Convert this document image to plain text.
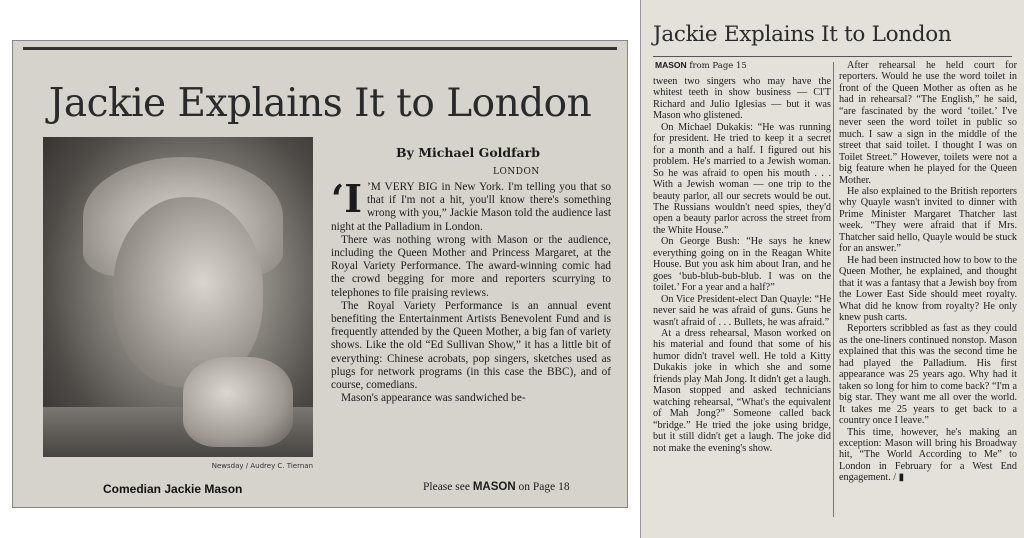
Jackie Explains It to London
Newsday / Audrey C. Tiernan
Comedian Jackie Mason
By Michael Goldfarb
LONDON

‘I ’M VERY BIG in New York. I'm telling you that so that if I'm not a hit, you'll know there's something wrong with you,” Jackie Mason told the audience last night at the Palladium in London.

There was nothing wrong with Mason or the audience, including the Queen Mother and Princess Margaret, at the Royal Variety Performance. The award-winning comic had the crowd begging for more and reporters scurrying to telephones to file praising reviews.

The Royal Variety Performance is an annual event benefiting the Entertainment Artists Benevolent Fund and is frequently attended by the Queen Mother, a big fan of variety shows. Like the old “Ed Sullivan Show,” it has a little bit of everything: Chinese acrobats, pop singers, sketches used as plugs for network programs (in this case the BBC), and of course, comedians.

Mason's appearance was sandwiched be-

Please see MASON on Page 18
Jackie Explains It to London
MASON from Page 15

tween two singers who may have the whitest teeth in show business — Cl'T Richard and Julio Iglesias — but it was Mason who glistened.

On Michael Dukakis: “He was running for president. He tried to keep it a secret for a month and a half. I figured out his problem. He's married to a Jewish woman. So he was afraid to open his mouth . . . With a Jewish woman — one trip to the beauty parlor, all our secrets would be out. The Russians wouldn't need spies, they'd open a beauty parlor across the street from the White House.”

On George Bush: “He says he knew everything going on in the Reagan White House. But you ask him about Iran, and he goes ‘bub-blub-bub-blub. I was on the toilet.’ For a year and a half?”

On Vice President-elect Dan Quayle: “He never said he was afraid of guns. Guns he wasn't afraid of . . . Bullets, he was afraid.”

At a dress rehearsal, Mason worked on his material and found that some of his humor didn't travel well. He told a Kitty Dukakis joke in which she and some friends play Mah Jong. It didn't get a laugh. Mason stopped and asked technicians watching rehearsal, “What's the equivalent of Mah Jong?” Someone called back “bridge.” He tried the joke using bridge, but it still didn't get a laugh. The joke did not make the evening's show.

After rehearsal he held court for reporters. Would he use the word toilet in front of the Queen Mother as often as he had in rehearsal? “The English,” he said, “are fascinated by the word ‘toilet.’ I've never seen the word toilet in public so much. I saw a sign in the middle of the street that said toilet. I thought I was on Toilet Street.” However, toilets were not a big feature when he played for the Queen Mother.

He also explained to the British reporters why Quayle wasn't invited to dinner with Prime Minister Margaret Thatcher last week. “They were afraid that if Mrs. Thatcher said hello, Quayle would be stuck for an answer.”

He had been instructed how to bow to the Queen Mother, he explained, and thought that it was a fantasy that a Jewish boy from the Lower East Side should meet royalty. What did he know from royalty? He only knew push carts.

Reporters scribbled as fast as they could as the one-liners continued nonstop. Mason explained that this was the second time he had played the Palladium. His first appearance was 25 years ago. Why had it taken so long for him to come back? “I'm a big star. They want me all over the world. It takes me 25 years to get back to a country once I leave.”

This time, however, he's making an exception: Mason will bring his Broadway hit, “The World According to Me” to London in February for a West End engagement. / ▮
